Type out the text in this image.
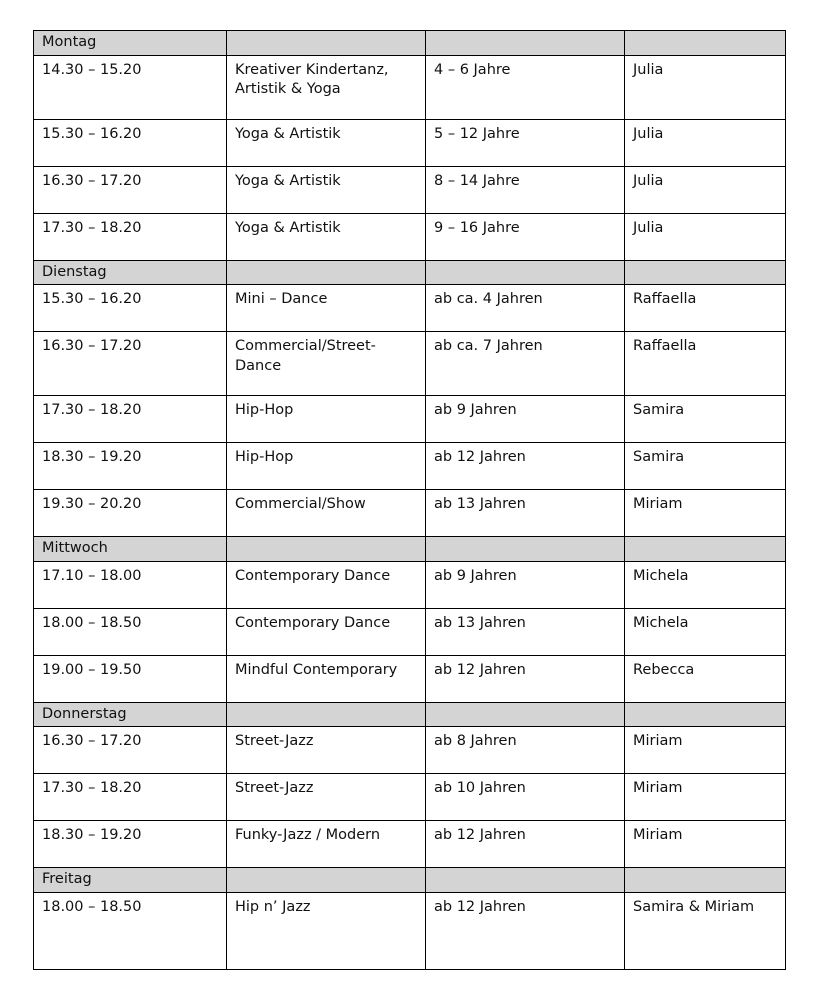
Montag			
14.30 – 15.20	Kreativer Kindertanz, Artistik & Yoga	4 – 6 Jahre	Julia
15.30 – 16.20	Yoga & Artistik	5 – 12 Jahre	Julia
16.30 – 17.20	Yoga & Artistik	8 – 14 Jahre	Julia
17.30 – 18.20	Yoga & Artistik	9 – 16 Jahre	Julia
Dienstag			
15.30 – 16.20	Mini – Dance	ab ca. 4 Jahren	Raffaella
16.30 – 17.20	Commercial/Street-Dance	ab ca. 7 Jahren	Raffaella
17.30 – 18.20	Hip-Hop	ab 9 Jahren	Samira
18.30 – 19.20	Hip-Hop	ab 12 Jahren	Samira
19.30 – 20.20	Commercial/Show	ab 13 Jahren	Miriam
Mittwoch			
17.10 – 18.00	Contemporary Dance	ab 9 Jahren	Michela
18.00 – 18.50	Contemporary Dance	ab 13 Jahren	Michela
19.00 – 19.50	Mindful Contemporary	ab 12 Jahren	Rebecca
Donnerstag			
16.30 – 17.20	Street-Jazz	ab 8 Jahren	Miriam
17.30 – 18.20	Street-Jazz	ab 10 Jahren	Miriam
18.30 – 19.20	Funky-Jazz / Modern	ab 12 Jahren	Miriam
Freitag			
18.00 – 18.50	Hip n’ Jazz	ab 12 Jahren	Samira & Miriam
